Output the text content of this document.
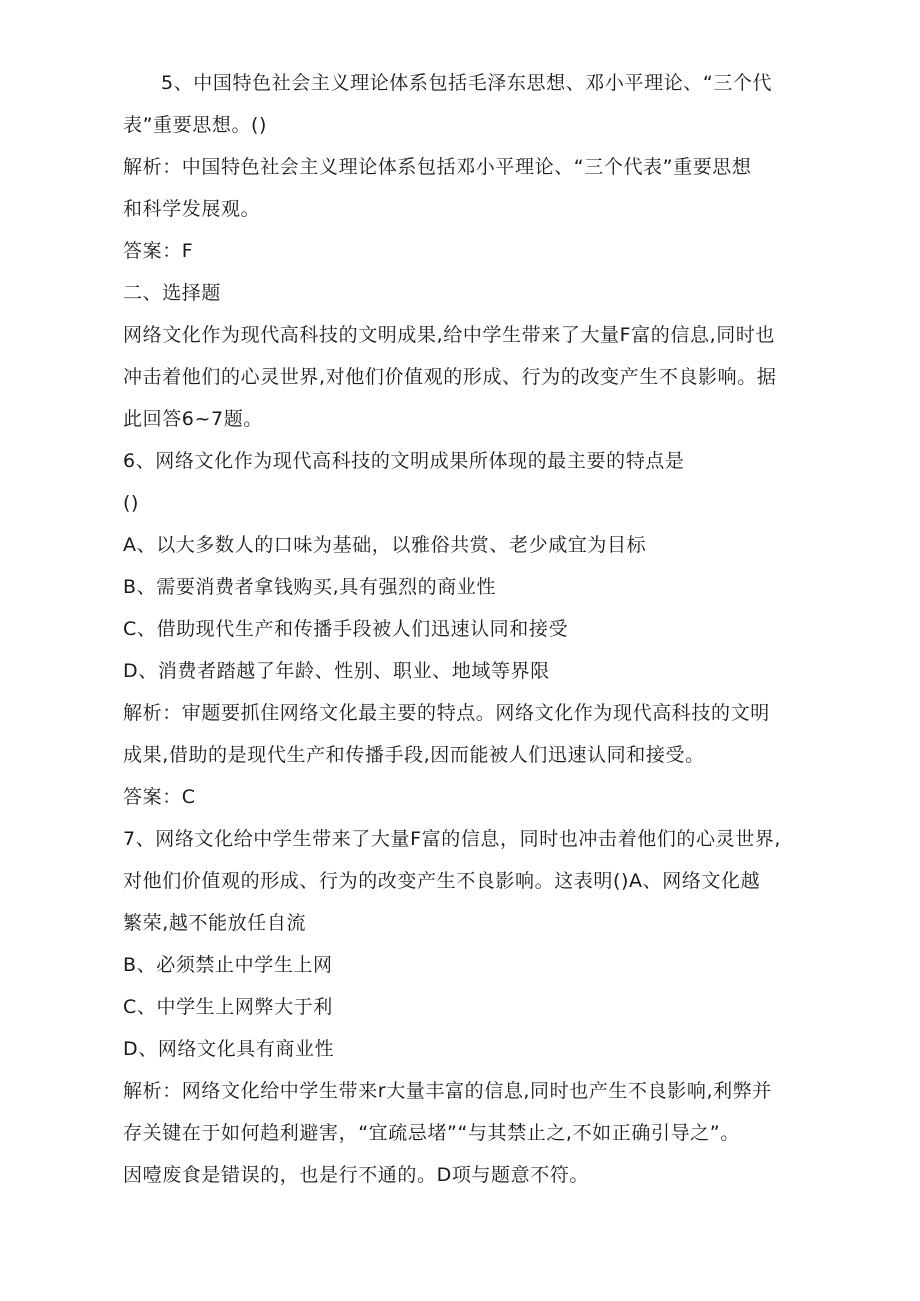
5、中国特色社会主义理论体系包括毛泽东思想、邓小平理论、“三个代
表”重要思想。()
解析：中国特色社会主义理论体系包括邓小平理论、“三个代表”重要思想
和科学发展观。
答案：F
二、选择题
网络文化作为现代高科技的文明成果,给中学生带来了大量F富的信息,同时也
冲击着他们的心灵世界,对他们价值观的形成、行为的改变产生不良影响。据
此回答6~7题。
6、网络文化作为现代高科技的文明成果所体现的最主要的特点是
()
A、以大多数人的口味为基础，以雅俗共赏、老少咸宜为目标
B、需要消费者拿钱购买,具有强烈的商业性
C、借助现代生产和传播手段被人们迅速认同和接受
D、消费者踏越了年龄、性别、职业、地域等界限
解析：审题要抓住网络文化最主要的特点。网络文化作为现代高科技的文明
成果,借助的是现代生产和传播手段,因而能被人们迅速认同和接受。
答案：C
7、网络文化给中学生带来了大量F富的信息，同时也冲击着他们的心灵世界,
对他们价值观的形成、行为的改变产生不良影响。这表明()A、网络文化越
繁荣,越不能放任自流
B、必须禁止中学生上网
C、中学生上网弊大于利
D、网络文化具有商业性
解析：网络文化给中学生带来r大量丰富的信息,同时也产生不良影响,利弊并
存关键在于如何趋利避害，“宜疏忌堵”“与其禁止之,不如正确引导之”。
因噎废食是错误的，也是行不通的。D项与题意不符。
